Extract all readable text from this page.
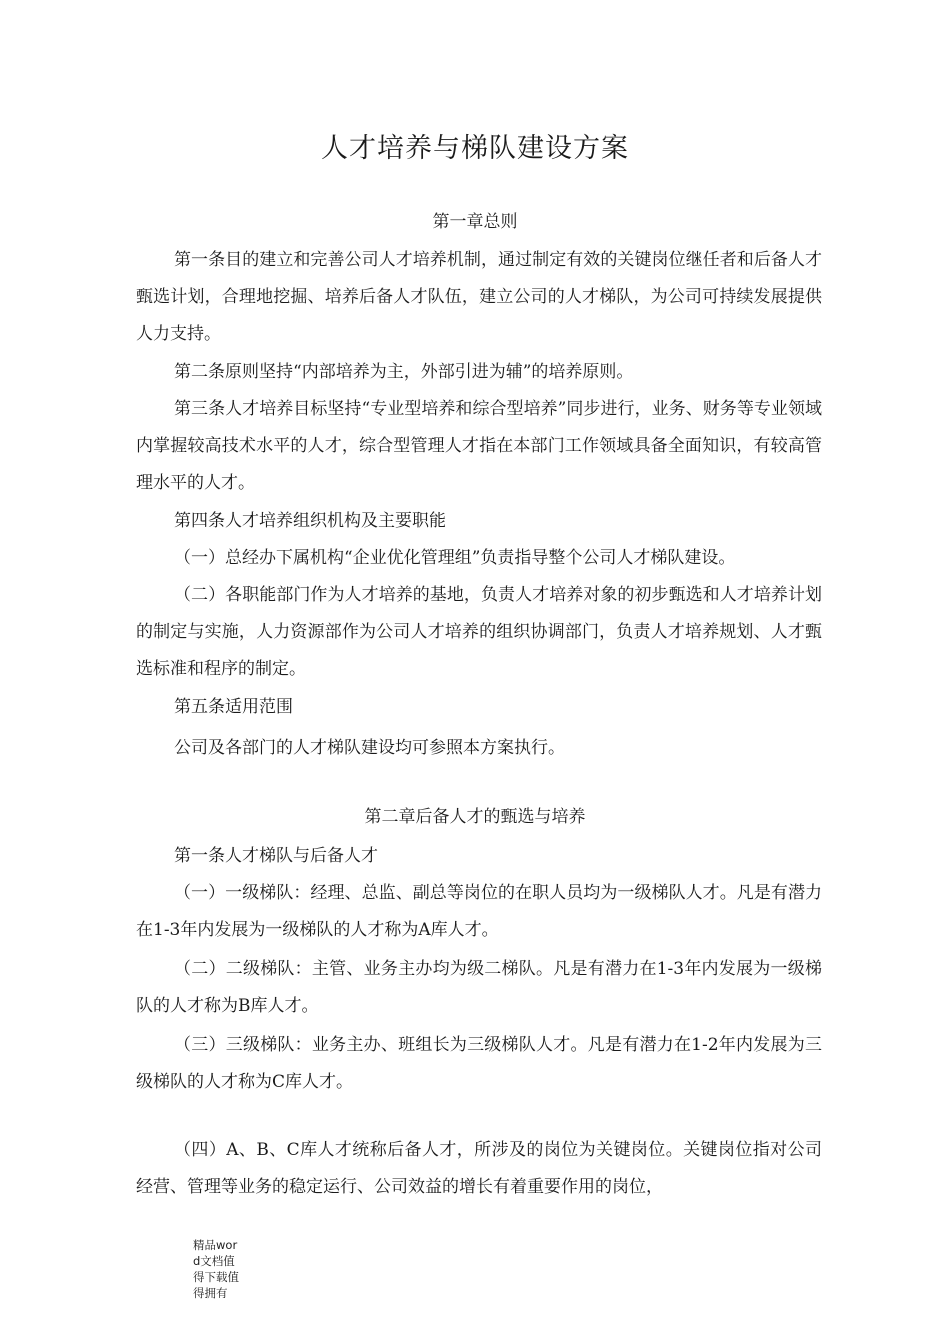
人才培养与梯队建设方案

第一章总则

第一条目的建立和完善公司人才培养机制，通过制定有效的关键岗位继任者和后备人才甄选计划，合理地挖掘、培养后备人才队伍，建立公司的人才梯队，为公司可持续发展提供人力支持。

第二条原则坚持“内部培养为主，外部引进为辅”的培养原则。

第三条人才培养目标坚持“专业型培养和综合型培养”同步进行，业务、财务等专业领域内掌握较高技术水平的人才，综合型管理人才指在本部门工作领域具备全面知识，有较高管理水平的人才。

第四条人才培养组织机构及主要职能

（一）总经办下属机构“企业优化管理组”负责指导整个公司人才梯队建设。

（二）各职能部门作为人才培养的基地，负责人才培养对象的初步甄选和人才培养计划的制定与实施，人力资源部作为公司人才培养的组织协调部门，负责人才培养规划、人才甄选标准和程序的制定。

第五条适用范围

公司及各部门的人才梯队建设均可参照本方案执行。

第二章后备人才的甄选与培养

第一条人才梯队与后备人才

（一）一级梯队：经理、总监、副总等岗位的在职人员均为一级梯队人才。凡是有潜力在1-3年内发展为一级梯队的人才称为A库人才。

（二）二级梯队：主管、业务主办均为级二梯队。凡是有潜力在1-3年内发展为一级梯队的人才称为B库人才。

（三）三级梯队：业务主办、班组长为三级梯队人才。凡是有潜力在1-2年内发展为三级梯队的人才称为C库人才。

（四）A、B、C库人才统称后备人才，所涉及的岗位为关键岗位。关键岗位指对公司经营、管理等业务的稳定运行、公司效益的增长有着重要作用的岗位，

精品word文档值得下载值得拥有
